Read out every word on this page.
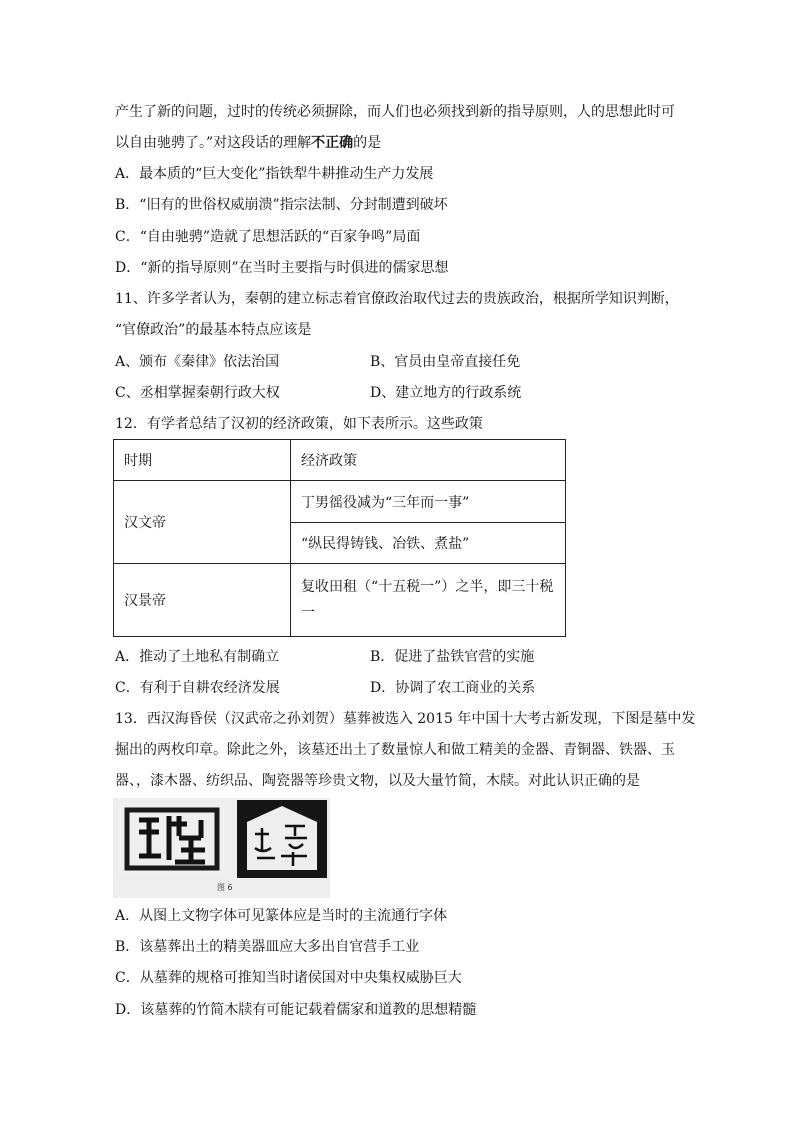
产生了新的问题，过时的传统必须摒除，而人们也必须找到新的指导原则，人的思想此时可
以自由驰骋了。”对这段话的理解不正确的是
A．最本质的“巨大变化”指铁犁牛耕推动生产力发展
B．“旧有的世俗权威崩溃”指宗法制、分封制遭到破坏
C．“自由驰骋”造就了思想活跃的“百家争鸣”局面
D．“新的指导原则”在当时主要指与时俱进的儒家思想
11、许多学者认为，秦朝的建立标志着官僚政治取代过去的贵族政治，根据所学知识判断，
“官僚政治”的最基本特点应该是
A、颁布《秦律》依法治国	B、官员由皇帝直接任免
C、丞相掌握秦朝行政大权	D、建立地方的行政系统
12．有学者总结了汉初的经济政策，如下表所示。这些政策
时期	经济政策
汉文帝	丁男徭役减为“三年而一事”
	“纵民得铸钱、冶铁、煮盐”
汉景帝	复收田租（“十五税一”）之半，即三十税一
A．推动了土地私有制确立	B．促进了盐铁官营的实施
C．有利于自耕农经济发展	D．协调了农工商业的关系
13．西汉海昏侯（汉武帝之孙刘贺）墓葬被选入 2015 年中国十大考古新发现，下图是墓中发
掘出的两枚印章。除此之外，该墓还出土了数量惊人和做工精美的金器、青铜器、铁器、玉
器、，漆木器、纺织品、陶瓷器等珍贵文物，以及大量竹简，木牍。对此认识正确的是
图 6
A．从图上文物字体可见篆体应是当时的主流通行字体
B．该墓葬出土的精美器皿应大多出自官营手工业
C．从墓葬的规格可推知当时诸侯国对中央集权威胁巨大
D．该墓葬的竹简木牍有可能记载着儒家和道教的思想精髓
